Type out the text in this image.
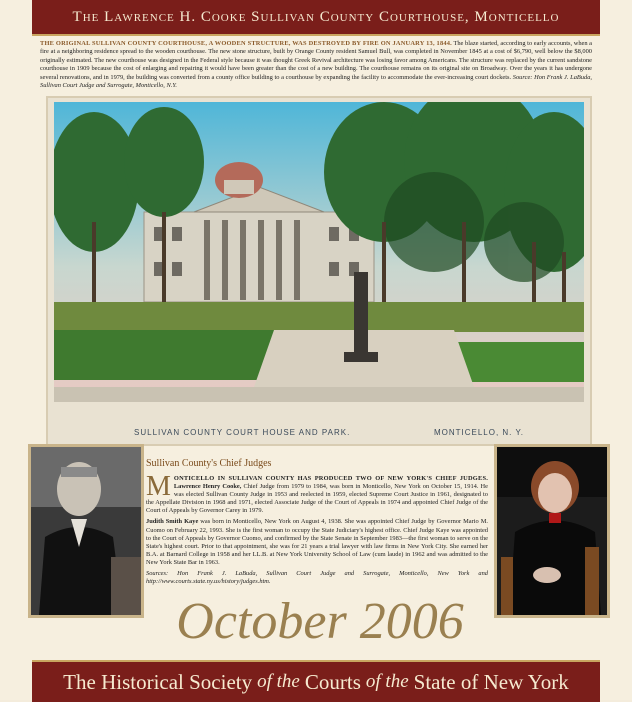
The Lawrence H. Cooke Sullivan County Courthouse, Monticello
THE ORIGINAL SULLIVAN COUNTY COURTHOUSE, A WOODEN STRUCTURE, WAS DESTROYED BY FIRE ON JANUARY 13, 1844. The blaze started, according to early accounts, when a fire at a neighboring residence spread to the wooden courthouse. The new stone structure, built by Orange County resident Samuel Bull, was completed in November 1845 at a cost of $6,790, well below the $8,000 originally estimated. The new courthouse was designed in the Federal style because it was thought Greek Revival architecture was losing favor among Americans. The structure was replaced by the current sandstone courthouse in 1909 because the cost of enlarging and repairing it would have been greater than the cost of a new building. The courthouse remains on its original site on Broadway. Over the years it has undergone several renovations, and in 1979, the building was converted from a county office building to a courthouse by expanding the facility to accommodate the ever-increasing court dockets. Source: Hon Frank J. LaBuda, Sullivan Court Judge and Surrogate, Monticello, N.Y.
SULLIVAN COUNTY COURT HOUSE AND PARK.	MONTICELLO, N. Y.
Sullivan County's Chief Judges

M ONTICELLO IN SULLIVAN COUNTY HAS PRODUCED TWO OF NEW YORK'S CHIEF JUDGES. Lawrence Henry Cooke, Chief Judge from 1979 to 1984, was born in Monticello, New York on October 15, 1914. He was elected Sullivan County Judge in 1953 and reelected in 1959, elected Supreme Court Justice in 1961, designated to the Appellate Division in 1968 and 1971, elected Associate Judge of the Court of Appeals in 1974 and appointed Chief Judge of the Court of Appeals by Governor Carey in 1979.

Judith Smith Kaye was born in Monticello, New York on August 4, 1938. She was appointed Chief Judge by Governor Mario M. Cuomo on February 22, 1993. She is the first woman to occupy the State Judiciary's highest office. Chief Judge Kaye was appointed to the Court of Appeals by Governor Cuomo, and confirmed by the State Senate in September 1983—the first woman to serve on the State's highest court. Prior to that appointment, she was for 21 years a trial lawyer with law firms in New York City. She earned her B.A. at Barnard College in 1958 and her LL.B. at New York University School of Law (cum laude) in 1962 and was admitted to the New York State Bar in 1963.

Sources: Hon Frank J. LaBuda, Sullivan Court Judge and Surrogate, Monticello, New York and http://www.courts.state.ny.us/history/judges.htm.

October 2006
The Historical Society of the Courts of the State of New York
